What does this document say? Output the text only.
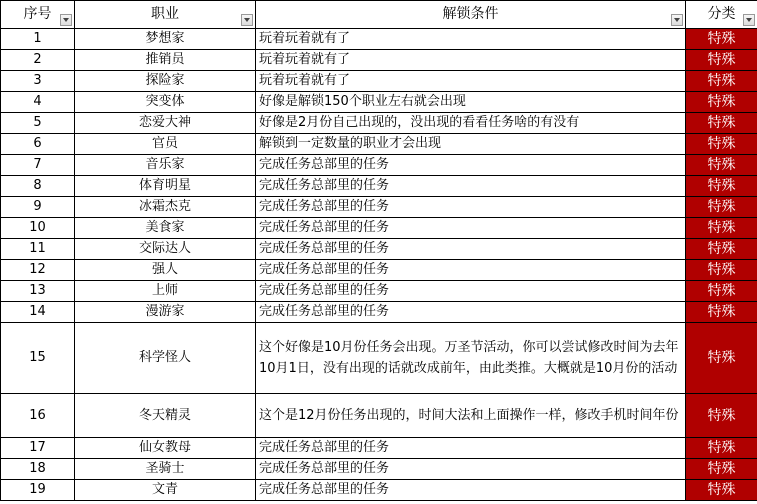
序号	职业	解锁条件	分类

1	梦想家	玩着玩着就有了	特殊
2	推销员	玩着玩着就有了	特殊
3	探险家	玩着玩着就有了	特殊
4	突变体	好像是解锁150个职业左右就会出现	特殊
5	恋爱大神	好像是2月份自己出现的，没出现的看看任务啥的有没有	特殊
6	官员	解锁到一定数量的职业才会出现	特殊
7	音乐家	完成任务总部里的任务	特殊
8	体育明星	完成任务总部里的任务	特殊
9	冰霜杰克	完成任务总部里的任务	特殊
10	美食家	完成任务总部里的任务	特殊
11	交际达人	完成任务总部里的任务	特殊
12	强人	完成任务总部里的任务	特殊
13	上师	完成任务总部里的任务	特殊
14	漫游家	完成任务总部里的任务	特殊
15	科学怪人	这个好像是10月份任务会出现。万圣节活动，你可以尝试修改时间为去年10月1日，没有出现的话就改成前年，由此类推。大概就是10月份的活动	特殊
16	冬天精灵	这个是12月份任务出现的，时间大法和上面操作一样，修改手机时间年份	特殊
17	仙女教母	完成任务总部里的任务	特殊
18	圣骑士	完成任务总部里的任务	特殊
19	文青	完成任务总部里的任务	特殊
